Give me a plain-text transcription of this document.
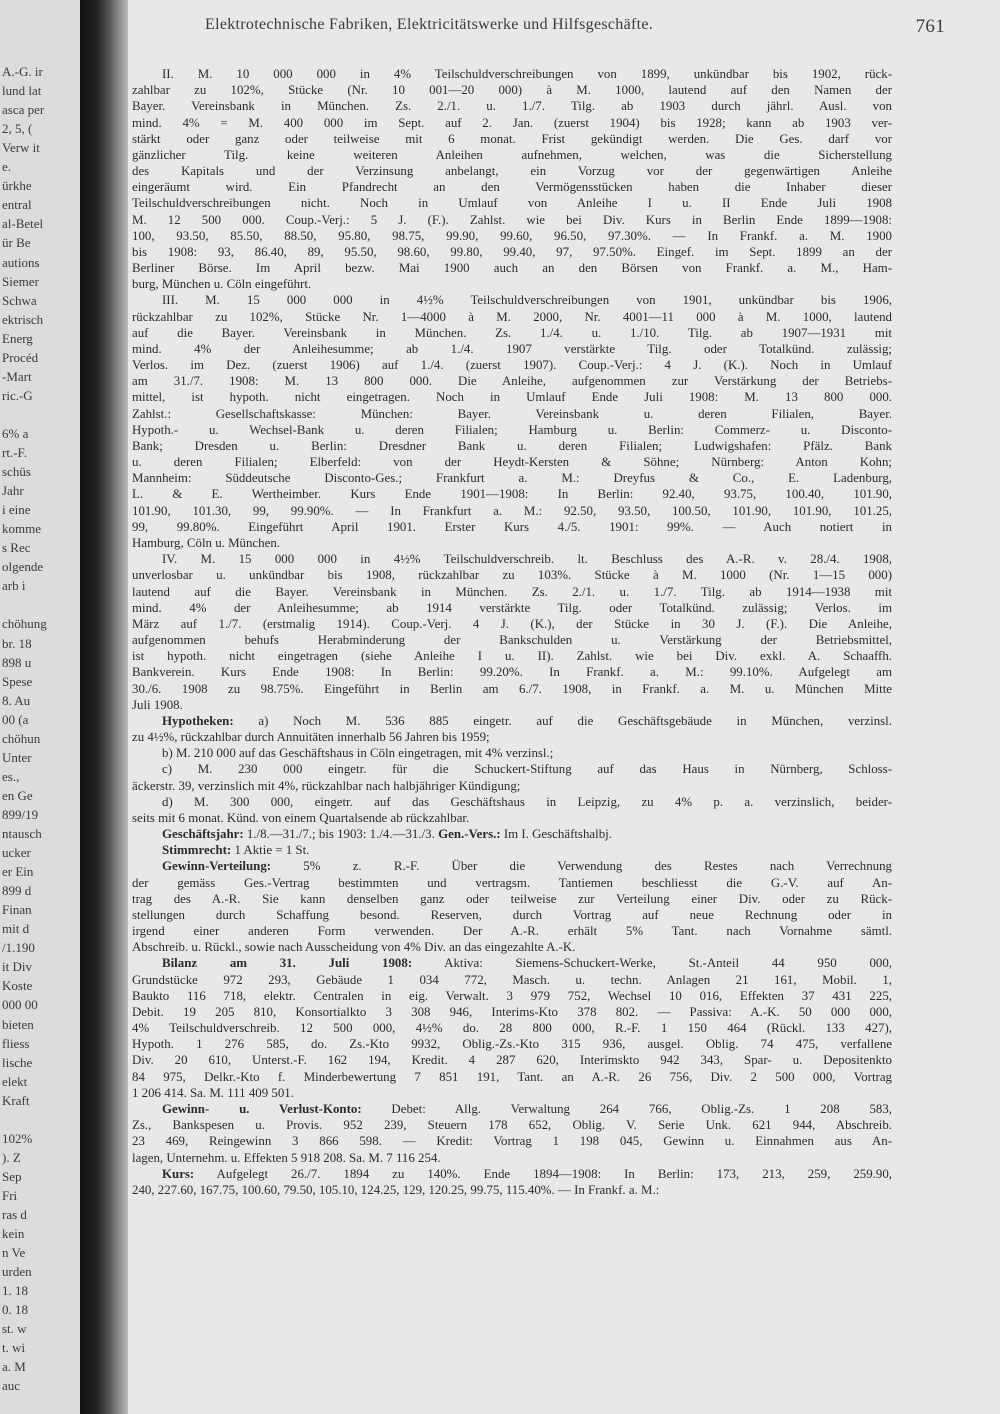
A.-G. ir
lund lat
asca per
2, 5, (
Verw it
e.
ürkhe
entral
al-Betel
ür Be
autions
Siemer
Schwa
ektrisch
Energ
Procéd
-Mart
ric.-G
6% a
rt.-F.
schüs
Jahr
i eine
komme
s Rec
olgende
arb i
chöhung
br. 18
898 u
Spese
8. Au
00 (a
chöhun
Unter
es.,
en Ge
899/19
ntausch
ucker
er Ein
899 d
Finan
mit d
/1.190
it Div
Koste
000 00
bieten
fliess
lische
elekt
Kraft
102%
). Z
Sep
Fri
ras d
kein
n Ve
urden
1. 18
0. 18
st. w
t. wi
a. M
auc
Elektrotechnische Fabriken, Elektricitätswerke und Hilfsgeschäfte.	761
II. M. 10 000 000 in 4% Teilschuldverschreibungen von 1899, unkündbar bis 1902, rück-
zahlbar zu 102%, Stücke (Nr. 10 001—20 000) à M. 1000, lautend auf den Namen der
Bayer. Vereinsbank in München. Zs. 2./1. u. 1./7. Tilg. ab 1903 durch jährl. Ausl. von
mind. 4% = M. 400 000 im Sept. auf 2. Jan. (zuerst 1904) bis 1928; kann ab 1903 ver-
stärkt oder ganz oder teilweise mit 6 monat. Frist gekündigt werden. Die Ges. darf vor
gänzlicher Tilg. keine weiteren Anleihen aufnehmen, welchen, was die Sicherstellung
des Kapitals und der Verzinsung anbelangt, ein Vorzug vor der gegenwärtigen Anleihe
eingeräumt wird. Ein Pfandrecht an den Vermögensstücken haben die Inhaber dieser
Teilschuldverschreibungen nicht. Noch in Umlauf von Anleihe I u. II Ende Juli 1908
M. 12 500 000. Coup.-Verj.: 5 J. (F.). Zahlst. wie bei Div. Kurs in Berlin Ende 1899—1908:
100, 93.50, 85.50, 88.50, 95.80, 98.75, 99.90, 99.60, 96.50, 97.30%. — In Frankf. a. M. 1900
bis 1908: 93, 86.40, 89, 95.50, 98.60, 99.80, 99.40, 97, 97.50%. Eingef. im Sept. 1899 an der
Berliner Börse. Im April bezw. Mai 1900 auch an den Börsen von Frankf. a. M., Ham-
burg, München u. Cöln eingeführt.
III. M. 15 000 000 in 4½% Teilschuldverschreibungen von 1901, unkündbar bis 1906,
rückzahlbar zu 102%, Stücke Nr. 1—4000 à M. 2000, Nr. 4001—11 000 à M. 1000, lautend
auf die Bayer. Vereinsbank in München. Zs. 1./4. u. 1./10. Tilg. ab 1907—1931 mit
mind. 4% der Anleihesumme; ab 1./4. 1907 verstärkte Tilg. oder Totalkünd. zulässig;
Verlos. im Dez. (zuerst 1906) auf 1./4. (zuerst 1907). Coup.-Verj.: 4 J. (K.). Noch in Umlauf
am 31./7. 1908: M. 13 800 000. Die Anleihe, aufgenommen zur Verstärkung der Betriebs-
mittel, ist hypoth. nicht eingetragen. Noch in Umlauf Ende Juli 1908: M. 13 800 000.
Zahlst.: Gesellschaftskasse: München: Bayer. Vereinsbank u. deren Filialen, Bayer.
Hypoth.- u. Wechsel-Bank u. deren Filialen; Hamburg u. Berlin: Commerz- u. Disconto-
Bank; Dresden u. Berlin: Dresdner Bank u. deren Filialen; Ludwigshafen: Pfälz. Bank
u. deren Filialen; Elberfeld: von der Heydt-Kersten & Söhne; Nürnberg: Anton Kohn;
Mannheim: Süddeutsche Disconto-Ges.; Frankfurt a. M.: Dreyfus & Co., E. Ladenburg,
L. & E. Wertheimber. Kurs Ende 1901—1908: In Berlin: 92.40, 93.75, 100.40, 101.90,
101.90, 101.30, 99, 99.90%. — In Frankfurt a. M.: 92.50, 93.50, 100.50, 101.90, 101.90, 101.25,
99, 99.80%. Eingeführt April 1901. Erster Kurs 4./5. 1901: 99%. — Auch notiert in
Hamburg, Cöln u. München.
IV. M. 15 000 000 in 4½% Teilschuldverschreib. lt. Beschluss des A.-R. v. 28./4. 1908,
unverlosbar u. unkündbar bis 1908, rückzahlbar zu 103%. Stücke à M. 1000 (Nr. 1—15 000)
lautend auf die Bayer. Vereinsbank in München. Zs. 2./1. u. 1./7. Tilg. ab 1914—1938 mit
mind. 4% der Anleihesumme; ab 1914 verstärkte Tilg. oder Totalkünd. zulässig; Verlos. im
März auf 1./7. (erstmalig 1914). Coup.-Verj. 4 J. (K.), der Stücke in 30 J. (F.). Die Anleihe,
aufgenommen behufs Herabminderung der Bankschulden u. Verstärkung der Betriebsmittel,
ist hypoth. nicht eingetragen (siehe Anleihe I u. II). Zahlst. wie bei Div. exkl. A. Schaaffh.
Bankverein. Kurs Ende 1908: In Berlin: 99.20%. In Frankf. a. M.: 99.10%. Aufgelegt am
30./6. 1908 zu 98.75%. Eingeführt in Berlin am 6./7. 1908, in Frankf. a. M. u. München Mitte
Juli 1908.
Hypotheken: a) Noch M. 536 885 eingetr. auf die Geschäftsgebäude in München, verzinsl.
zu 4½%, rückzahlbar durch Annuitäten innerhalb 56 Jahren bis 1959;
b) M. 210 000 auf das Geschäftshaus in Cöln eingetragen, mit 4% verzinsl.;
c) M. 230 000 eingetr. für die Schuckert-Stiftung auf das Haus in Nürnberg, Schloss-
äckerstr. 39, verzinslich mit 4%, rückzahlbar nach halbjähriger Kündigung;
d) M. 300 000, eingetr. auf das Geschäftshaus in Leipzig, zu 4% p. a. verzinslich, beider-
seits mit 6 monat. Künd. von einem Quartalsende ab rückzahlbar.
Geschäftsjahr: 1./8.—31./7.; bis 1903: 1./4.—31./3. Gen.-Vers.: Im I. Geschäftshalbj.
Stimmrecht: 1 Aktie = 1 St.
Gewinn-Verteilung: 5% z. R.-F. Über die Verwendung des Restes nach Verrechnung
der gemäss Ges.-Vertrag bestimmten und vertragsm. Tantiemen beschliesst die G.-V. auf An-
trag des A.-R. Sie kann denselben ganz oder teilweise zur Verteilung einer Div. oder zu Rück-
stellungen durch Schaffung besond. Reserven, durch Vortrag auf neue Rechnung oder in
irgend einer anderen Form verwenden. Der A.-R. erhält 5% Tant. nach Vornahme sämtl.
Abschreib. u. Rückl., sowie nach Ausscheidung von 4% Div. an das eingezahlte A.-K.
Bilanz am 31. Juli 1908: Aktiva: Siemens-Schuckert-Werke, St.-Anteil 44 950 000,
Grundstücke 972 293, Gebäude 1 034 772, Masch. u. techn. Anlagen 21 161, Mobil. 1,
Baukto 116 718, elektr. Centralen in eig. Verwalt. 3 979 752, Wechsel 10 016, Effekten 37 431 225,
Debit. 19 205 810, Konsortialkto 3 308 946, Interims-Kto 378 802. — Passiva: A.-K. 50 000 000,
4% Teilschuldverschreib. 12 500 000, 4½% do. 28 800 000, R.-F. 1 150 464 (Rückl. 133 427),
Hypoth. 1 276 585, do. Zs.-Kto 9932, Oblig.-Zs.-Kto 315 936, ausgel. Oblig. 74 475, verfallene
Div. 20 610, Unterst.-F. 162 194, Kredit. 4 287 620, Interimskto 942 343, Spar- u. Depositenkto
84 975, Delkr.-Kto f. Minderbewertung 7 851 191, Tant. an A.-R. 26 756, Div. 2 500 000, Vortrag
1 206 414. Sa. M. 111 409 501.
Gewinn- u. Verlust-Konto: Debet: Allg. Verwaltung 264 766, Oblig.-Zs. 1 208 583,
Zs., Bankspesen u. Provis. 952 239, Steuern 178 652, Oblig. V. Serie Unk. 621 944, Abschreib.
23 469, Reingewinn 3 866 598. — Kredit: Vortrag 1 198 045, Gewinn u. Einnahmen aus An-
lagen, Unternehm. u. Effekten 5 918 208. Sa. M. 7 116 254.
Kurs: Aufgelegt 26./7. 1894 zu 140%. Ende 1894—1908: In Berlin: 173, 213, 259, 259.90,
240, 227.60, 167.75, 100.60, 79.50, 105.10, 124.25, 129, 120.25, 99.75, 115.40%. — In Frankf. a. M.:
